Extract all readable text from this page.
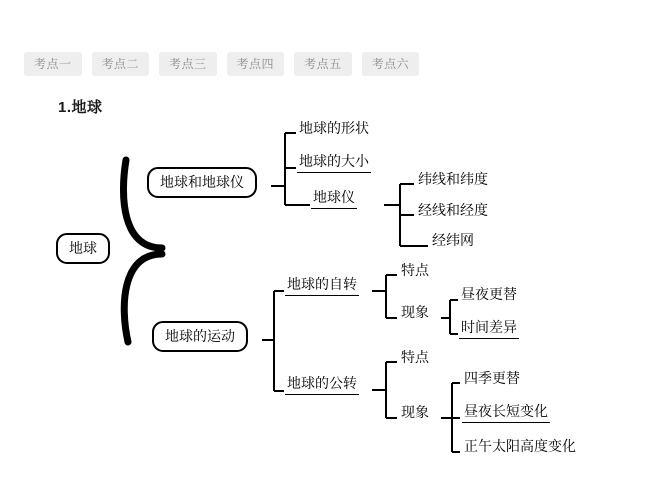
考点一	考点二	考点三	考点四	考点五	考点六
1.地球
地球
地球和地球仪
地球的运动
地球的形状
地球的大小
地球仪
纬线和纬度
经线和经度
经纬网
地球的自转
特点
现象
昼夜更替
时间差异
地球的公转
特点
现象
四季更替
昼夜长短变化
正午太阳高度变化
